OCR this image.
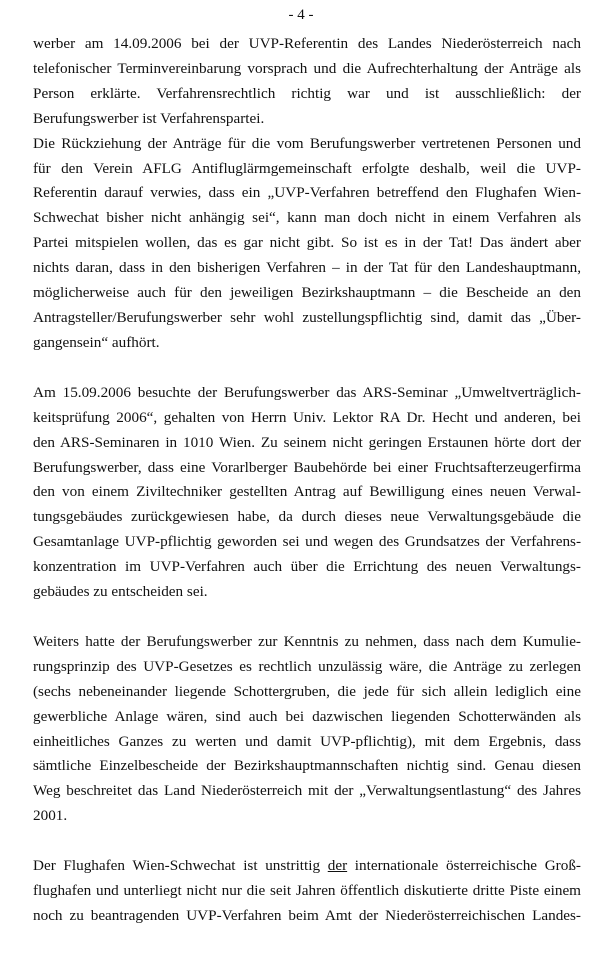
- 4 -
werber am 14.09.2006 bei der UVP-Referentin des Landes Niederösterreich nach
telefonischer Terminvereinbarung vorsprach und die Aufrechterhaltung der Anträge als
Person erklärte. Verfahrensrechtlich richtig war und ist ausschließlich: der
Berufungswerber ist Verfahrenspartei.
Die Rückziehung der Anträge für die vom Berufungswerber vertretenen Personen und
für den Verein AFLG Antifluglärmgemeinschaft erfolgte deshalb, weil die UVP-
Referentin darauf verwies, dass ein „UVP-Verfahren betreffend den Flughafen Wien-
Schwechat bisher nicht anhängig sei“, kann man doch nicht in einem Verfahren als
Partei mitspielen wollen, das es gar nicht gibt. So ist es in der Tat! Das ändert aber
nichts daran, dass in den bisherigen Verfahren – in der Tat für den Landeshauptmann,
möglicherweise auch für den jeweiligen Bezirkshauptmann – die Bescheide an den
Antragsteller/Berufungswerber sehr wohl zustellungspflichtig sind, damit das „Über-
gangensein“ aufhört.
Am 15.09.2006 besuchte der Berufungswerber das ARS-Seminar „Umweltverträglich-
keitsprüfung 2006“, gehalten von Herrn Univ. Lektor RA Dr. Hecht und anderen, bei
den ARS-Seminaren in 1010 Wien. Zu seinem nicht geringen Erstaunen hörte dort der
Berufungswerber, dass eine Vorarlberger Baubehörde bei einer Fruchtsafterzeugerfirma
den von einem Ziviltechniker gestellten Antrag auf Bewilligung eines neuen Verwal-
tungsgebäudes zurückgewiesen habe, da durch dieses neue Verwaltungsgebäude die
Gesamtanlage UVP-pflichtig geworden sei und wegen des Grundsatzes der Verfahrens-
konzentration im UVP-Verfahren auch über die Errichtung des neuen Verwaltungs-
gebäudes zu entscheiden sei.
Weiters hatte der Berufungswerber zur Kenntnis zu nehmen, dass nach dem Kumulie-
rungsprinzip des UVP-Gesetzes es rechtlich unzulässig wäre, die Anträge zu zerlegen
(sechs nebeneinander liegende Schottergruben, die jede für sich allein lediglich eine
gewerbliche Anlage wären, sind auch bei dazwischen liegenden Schotterwänden als
einheitliches Ganzes zu werten und damit UVP-pflichtig), mit dem Ergebnis, dass
sämtliche Einzelbescheide der Bezirkshauptmannschaften nichtig sind. Genau diesen
Weg beschreitet das Land Niederösterreich mit der „Verwaltungsentlastung“ des Jahres
2001.
Der Flughafen Wien-Schwechat ist unstrittig der internationale österreichische Groß-
flughafen und unterliegt nicht nur die seit Jahren öffentlich diskutierte dritte Piste einem
noch zu beantragenden UVP-Verfahren beim Amt der Niederösterreichischen Landes-
